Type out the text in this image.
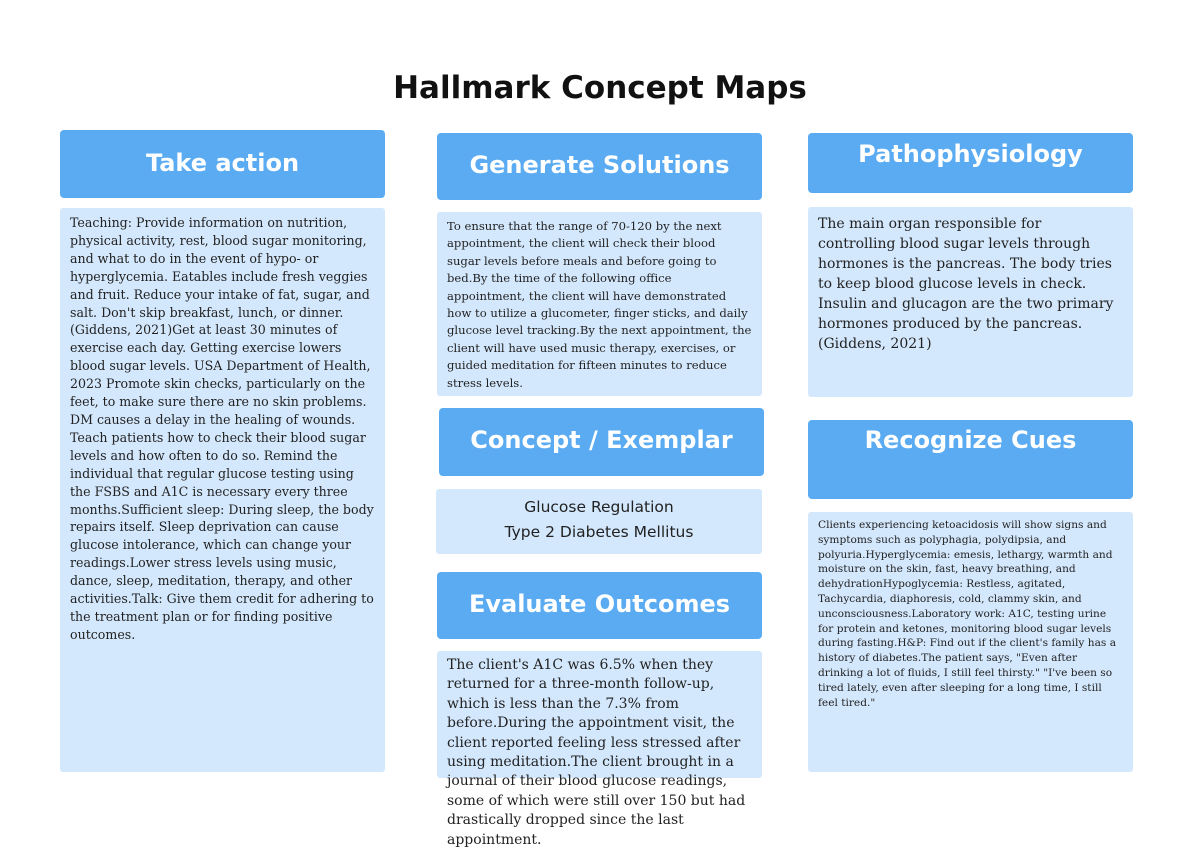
Hallmark Concept Maps
Take action
Teaching: Provide information on nutrition, physical activity, rest, blood sugar monitoring, and what to do in the event of hypo- or hyperglycemia. Eatables include fresh veggies and fruit. Reduce your intake of fat, sugar, and salt. Don't skip breakfast, lunch, or dinner. (Giddens, 2021)Get at least 30 minutes of exercise each day. Getting exercise lowers blood sugar levels. USA Department of Health, 2023 Promote skin checks, particularly on the feet, to make sure there are no skin problems. DM causes a delay in the healing of wounds. Teach patients how to check their blood sugar levels and how often to do so. Remind the individual that regular glucose testing using the FSBS and A1C is necessary every three months.Sufficient sleep: During sleep, the body repairs itself. Sleep deprivation can cause glucose intolerance, which can change your readings.Lower stress levels using music, dance, sleep, meditation, therapy, and other activities.Talk: Give them credit for adhering to the treatment plan or for finding positive outcomes.
Generate Solutions
To ensure that the range of 70-120 by the next appointment, the client will check their blood sugar levels before meals and before going to bed.By the time of the following office appointment, the client will have demonstrated how to utilize a glucometer, finger sticks, and daily glucose level tracking.By the next appointment, the client will have used music therapy, exercises, or guided meditation for fifteen minutes to reduce stress levels.
Pathophysiology
The main organ responsible for controlling blood sugar levels through hormones is the pancreas. The body tries to keep blood glucose levels in check. Insulin and glucagon are the two primary hormones produced by the pancreas.(Giddens, 2021)
Concept / Exemplar
Glucose Regulation
Type 2 Diabetes Mellitus
Recognize Cues
Clients experiencing ketoacidosis will show signs and symptoms such as polyphagia, polydipsia, and polyuria.Hyperglycemia: emesis, lethargy, warmth and moisture on the skin, fast, heavy breathing, and dehydrationHypoglycemia: Restless, agitated, Tachycardia, diaphoresis, cold, clammy skin, and unconsciousness.Laboratory work: A1C, testing urine for protein and ketones, monitoring blood sugar levels during fasting.H&P: Find out if the client's family has a history of diabetes.The patient says, "Even after drinking a lot of fluids, I still feel thirsty." "I've been so tired lately, even after sleeping for a long time, I still feel tired."
Evaluate Outcomes
The client's A1C was 6.5% when they returned for a three-month follow-up, which is less than the 7.3% from before.During the appointment visit, the client reported feeling less stressed after using meditation.The client brought in a journal of their blood glucose readings, some of which were still over 150 but had drastically dropped since the last appointment.
